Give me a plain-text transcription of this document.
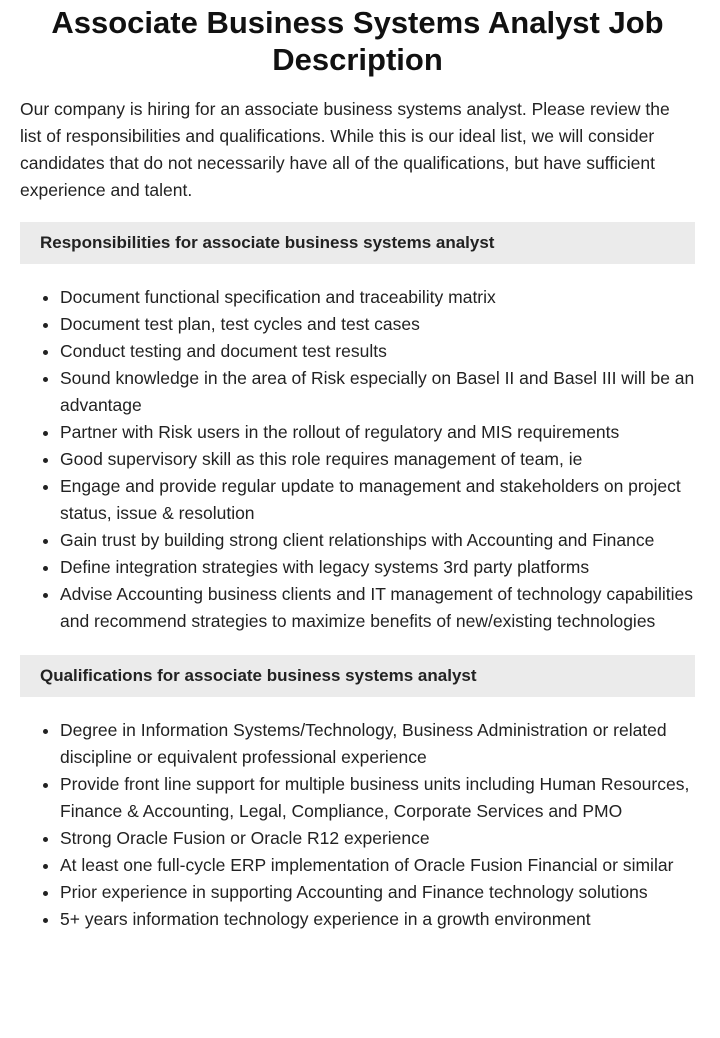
Associate Business Systems Analyst Job Description

Our company is hiring for an associate business systems analyst. Please review the list of responsibilities and qualifications. While this is our ideal list, we will consider candidates that do not necessarily have all of the qualifications, but have sufficient experience and talent.

Responsibilities for associate business systems analyst
• Document functional specification and traceability matrix
• Document test plan, test cycles and test cases
• Conduct testing and document test results
• Sound knowledge in the area of Risk especially on Basel II and Basel III will be an advantage
• Partner with Risk users in the rollout of regulatory and MIS requirements
• Good supervisory skill as this role requires management of team, ie
• Engage and provide regular update to management and stakeholders on project status, issue & resolution
• Gain trust by building strong client relationships with Accounting and Finance
• Define integration strategies with legacy systems 3rd party platforms
• Advise Accounting business clients and IT management of technology capabilities and recommend strategies to maximize benefits of new/existing technologies
Qualifications for associate business systems analyst
• Degree in Information Systems/Technology, Business Administration or related discipline or equivalent professional experience
• Provide front line support for multiple business units including Human Resources, Finance & Accounting, Legal, Compliance, Corporate Services and PMO
• Strong Oracle Fusion or Oracle R12 experience
• At least one full-cycle ERP implementation of Oracle Fusion Financial or similar
• Prior experience in supporting Accounting and Finance technology solutions
• 5+ years information technology experience in a growth environment
